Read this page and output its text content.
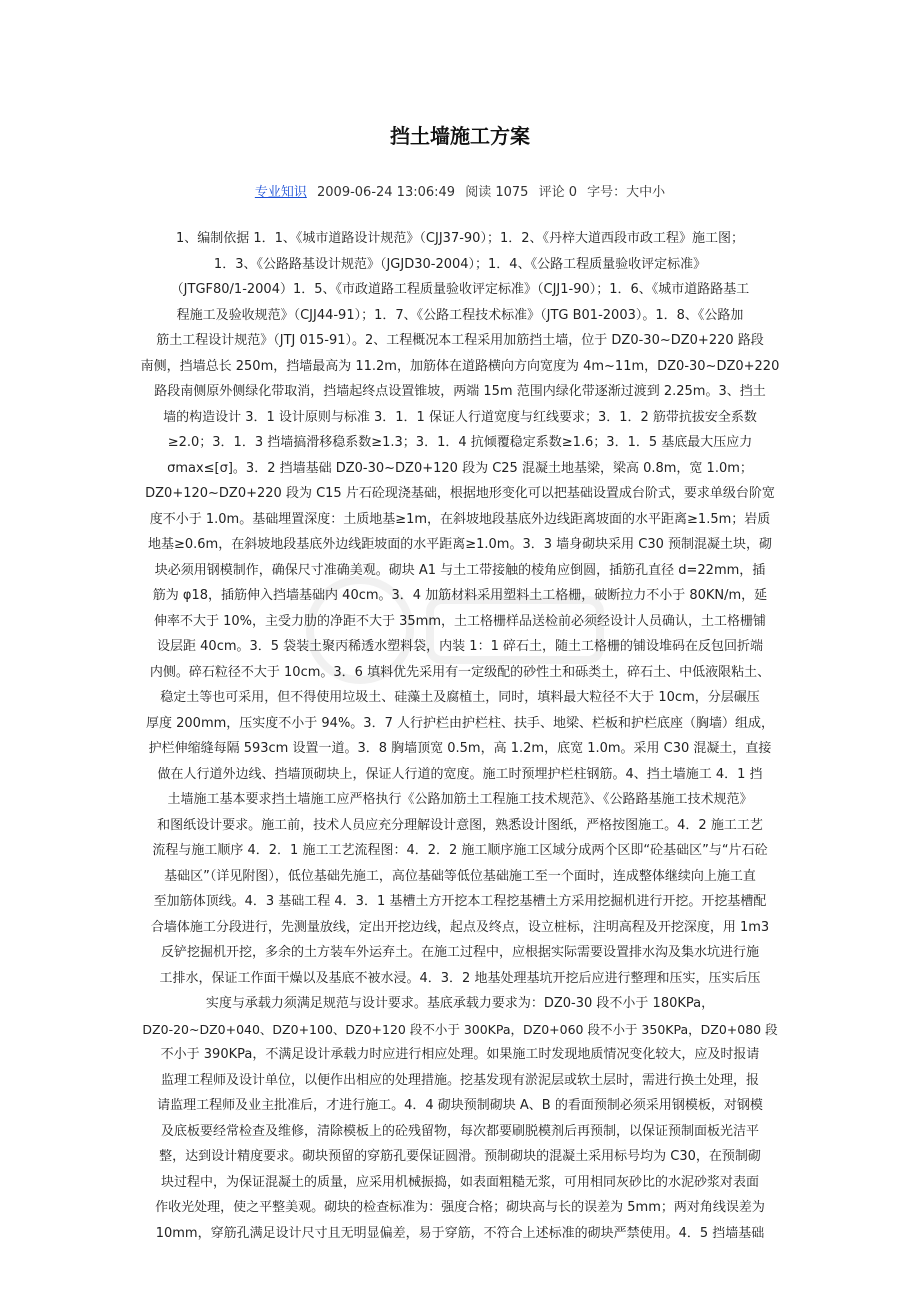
挡土墙施工方案
专业知识 2009-06-24 13:06:49 阅读 1075 评论 0 字号：大中小
1、编制依据 1．1、《城市道路设计规范》（CJJ37-90）；1．2、《丹梓大道西段市政工程》施工图；
1．3、《公路路基设计规范》（JGJD30-2004）；1．4、《公路工程质量验收评定标准》
（JTGF80/1-2004）1．5、《市政道路工程质量验收评定标准》（CJJ1-90）；1．6、《城市道路路基工
程施工及验收规范》（CJJ44-91）；1．7、《公路工程技术标准》（JTG B01-2003）。1．8、《公路加
筋土工程设计规范》（JTJ 015-91）。2、工程概况本工程采用加筋挡土墙，位于 DZ0-30~DZ0+220 路段
南侧，挡墙总长 250m，挡墙最高为 11.2m，加筋体在道路横向方向宽度为 4m~11m，DZ0-30~DZ0+220
路段南侧原外侧绿化带取消，挡墙起终点设置锥坡，两端 15m 范围内绿化带逐渐过渡到 2.25m。3、挡土
墙的构造设计 3．1 设计原则与标准 3．1．1 保证人行道宽度与红线要求；3．1．2 筋带抗拔安全系数
≥2.0；3．1．3 挡墙搞滑移稳系数≥1.3；3．1．4 抗倾覆稳定系数≥1.6；3．1．5 基底最大压应力
σmax≤[σ]。3．2 挡墙基础 DZ0-30~DZ0+120 段为 C25 混凝土地基梁，梁高 0.8m，宽 1.0m；
DZ0+120~DZ0+220 段为 C15 片石砼现浇基础，根据地形变化可以把基础设置成台阶式，要求单级台阶宽
度不小于 1.0m。基础埋置深度：土质地基≥1m，在斜坡地段基底外边线距离坡面的水平距离≥1.5m；岩质
地基≥0.6m，在斜坡地段基底外边线距坡面的水平距离≥1.0m。3．3 墙身砌块采用 C30 预制混凝土块，砌
块必须用钢模制作，确保尺寸准确美观。砌块 A1 与土工带接触的棱角应倒圆，插筋孔直径 d=22mm，插
筋为 φ18，插筋伸入挡墙基础内 40cm。3．4 加筋材料采用塑料土工格栅，破断拉力不小于 80KN/m，延
伸率不大于 10%，主受力肋的净距不大于 35mm，土工格栅样品送检前必须经设计人员确认，土工格栅铺
设层距 40cm。3．5 袋装土聚丙稀透水塑料袋，内装 1：1 碎石土，随土工格栅的铺设堆码在反包回折端
内侧。碎石粒径不大于 10cm。3．6 填料优先采用有一定级配的砂性土和砾类土，碎石土、中低液限粘土、
稳定土等也可采用，但不得使用垃圾土、硅藻土及腐植土，同时，填料最大粒径不大于 10cm，分层碾压
厚度 200mm，压实度不小于 94%。3．7 人行护栏由护栏柱、扶手、地梁、栏板和护栏底座（胸墙）组成，
护栏伸缩缝每隔 593cm 设置一道。3．8 胸墙顶宽 0.5m，高 1.2m，底宽 1.0m。采用 C30 混凝土，直接
做在人行道外边线、挡墙顶砌块上，保证人行道的宽度。施工时预埋护栏柱钢筋。4、挡土墙施工 4．1 挡
土墙施工基本要求挡土墙施工应严格执行《公路加筋土工程施工技术规范》、《公路路基施工技术规范》
和图纸设计要求。施工前，技术人员应充分理解设计意图，熟悉设计图纸，严格按图施工。4．2 施工工艺
流程与施工顺序 4．2．1 施工工艺流程图：4．2．2 施工顺序施工区域分成两个区即“砼基础区”与“片石砼
基础区”（详见附图），低位基础先施工，高位基础等低位基础施工至一个面时，连成整体继续向上施工直
至加筋体顶线。4．3 基础工程 4．3．1 基槽土方开挖本工程挖基槽土方采用挖掘机进行开挖。开挖基槽配
合墙体施工分段进行，先测量放线，定出开挖边线，起点及终点，设立桩标，注明高程及开挖深度，用 1m3
反铲挖掘机开挖，多余的土方装车外运弃土。在施工过程中，应根据实际需要设置排水沟及集水坑进行施
工排水，保证工作面干燥以及基底不被水浸。4．3．2 地基处理基坑开挖后应进行整理和压实，压实后压
实度与承载力须满足规范与设计要求。基底承载力要求为：DZ0-30 段不小于 180KPa，
DZ0-20~DZ0+040、DZ0+100、DZ0+120 段不小于 300KPa，DZ0+060 段不小于 350KPa，DZ0+080 段
不小于 390KPa，不满足设计承载力时应进行相应处理。如果施工时发现地质情况变化较大，应及时报请
监理工程师及设计单位，以便作出相应的处理措施。挖基发现有淤泥层或软土层时，需进行换土处理，报
请监理工程师及业主批准后，才进行施工。4．4 砌块预制砌块 A、B 的看面预制必须采用钢模板，对钢模
及底板要经常检查及维修，清除模板上的砼残留物，每次都要刷脱模剂后再预制，以保证预制面板光洁平
整，达到设计精度要求。砌块预留的穿筋孔要保证圆滑。预制砌块的混凝土采用标号均为 C30，在预制砌
块过程中，为保证混凝土的质量，应采用机械振捣，如表面粗糙无浆，可用相同灰砂比的水泥砂浆对表面
作收光处理，使之平整美观。砌块的检查标准为：强度合格；砌块高与长的误差为 5mm；两对角线误差为
10mm，穿筋孔满足设计尺寸且无明显偏差，易于穿筋，不符合上述标准的砌块严禁使用。4．5 挡墙基础
